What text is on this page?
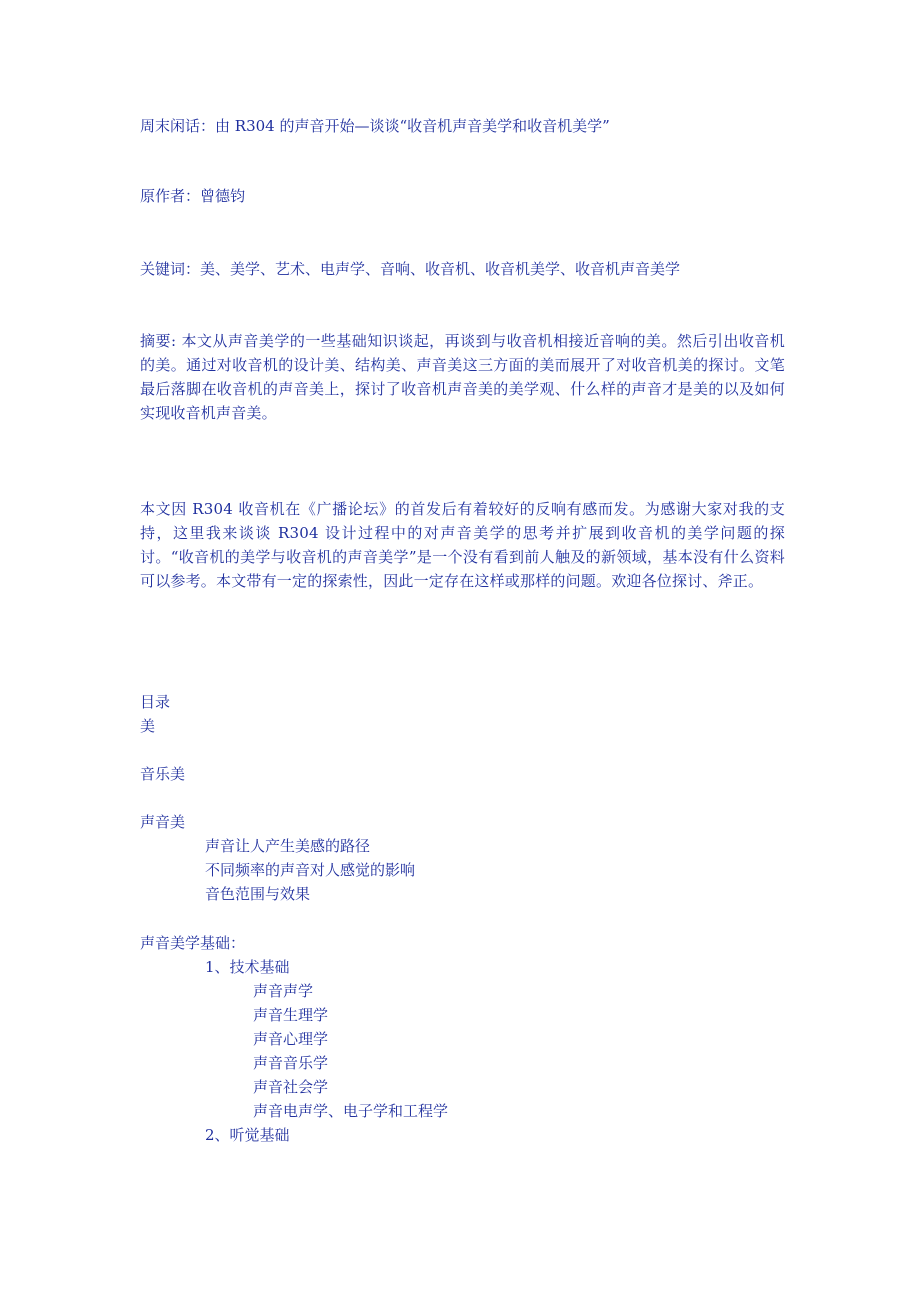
周末闲话：由 R304 的声音开始—谈谈“收音机声音美学和收音机美学”
原作者：曾德钧
关键词：美、美学、艺术、电声学、音响、收音机、收音机美学、收音机声音美学
摘要: 本文从声音美学的一些基础知识谈起，再谈到与收音机相接近音响的美。然后引出收音机的美。通过对收音机的设计美、结构美、声音美这三方面的美而展开了对收音机美的探讨。文笔最后落脚在收音机的声音美上，探讨了收音机声音美的美学观、什么样的声音才是美的以及如何实现收音机声音美。
本文因 R304 收音机在《广播论坛》的首发后有着较好的反响有感而发。为感谢大家对我的支持，这里我来谈谈 R304 设计过程中的对声音美学的思考并扩展到收音机的美学问题的探讨。“收音机的美学与收音机的声音美学”是一个没有看到前人触及的新领域，基本没有什么资料可以参考。本文带有一定的探索性，因此一定存在这样或那样的问题。欢迎各位探讨、斧正。
目录
美
音乐美
声音美
声音让人产生美感的路径
不同频率的声音对人感觉的影响
音色范围与效果
声音美学基础：
1、技术基础
声音声学
声音生理学
声音心理学
声音音乐学
声音社会学
声音电声学、电子学和工程学
2、听觉基础
